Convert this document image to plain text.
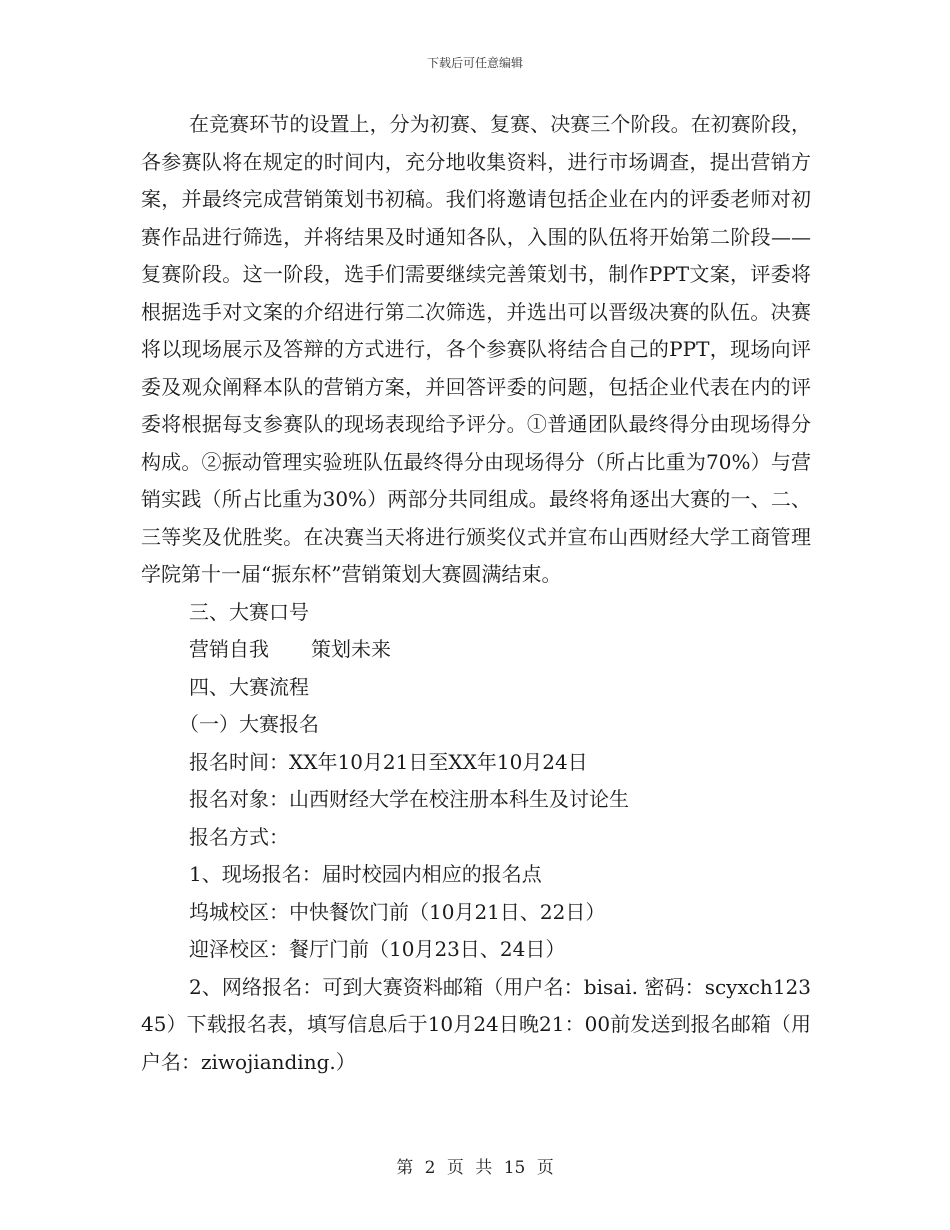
下载后可任意编辑

在竞赛环节的设置上，分为初赛、复赛、决赛三个阶段。在初赛阶段，各参赛队将在规定的时间内，充分地收集资料，进行市场调查，提出营销方案，并最终完成营销策划书初稿。我们将邀请包括企业在内的评委老师对初赛作品进行筛选，并将结果及时通知各队，入围的队伍将开始第二阶段——复赛阶段。这一阶段，选手们需要继续完善策划书，制作PPT文案，评委将根据选手对文案的介绍进行第二次筛选，并选出可以晋级决赛的队伍。决赛将以现场展示及答辩的方式进行，各个参赛队将结合自己的PPT，现场向评委及观众阐释本队的营销方案，并回答评委的问题，包括企业代表在内的评委将根据每支参赛队的现场表现给予评分。①普通团队最终得分由现场得分构成。②振动管理实验班队伍最终得分由现场得分（所占比重为70%）与营销实践（所占比重为30%）两部分共同组成。最终将角逐出大赛的一、二、三等奖及优胜奖。在决赛当天将进行颁奖仪式并宣布山西财经大学工商管理学院第十一届“振东杯”营销策划大赛圆满结束。

三、大赛口号

营销自我 策划未来

四、大赛流程

（一）大赛报名

报名时间：XX年10月21日至XX年10月24日

报名对象：山西财经大学在校注册本科生及讨论生

报名方式：

1、现场报名：届时校园内相应的报名点

坞城校区：中快餐饮门前（10月21日、22日）

迎泽校区：餐厅门前（10月23日、24日）

2、网络报名：可到大赛资料邮箱（用户名：bisai. 密码：scyxch12345）下载报名表，填写信息后于10月24日晚21：00前发送到报名邮箱（用户名：ziwojianding.）

第 2 页 共 15 页
